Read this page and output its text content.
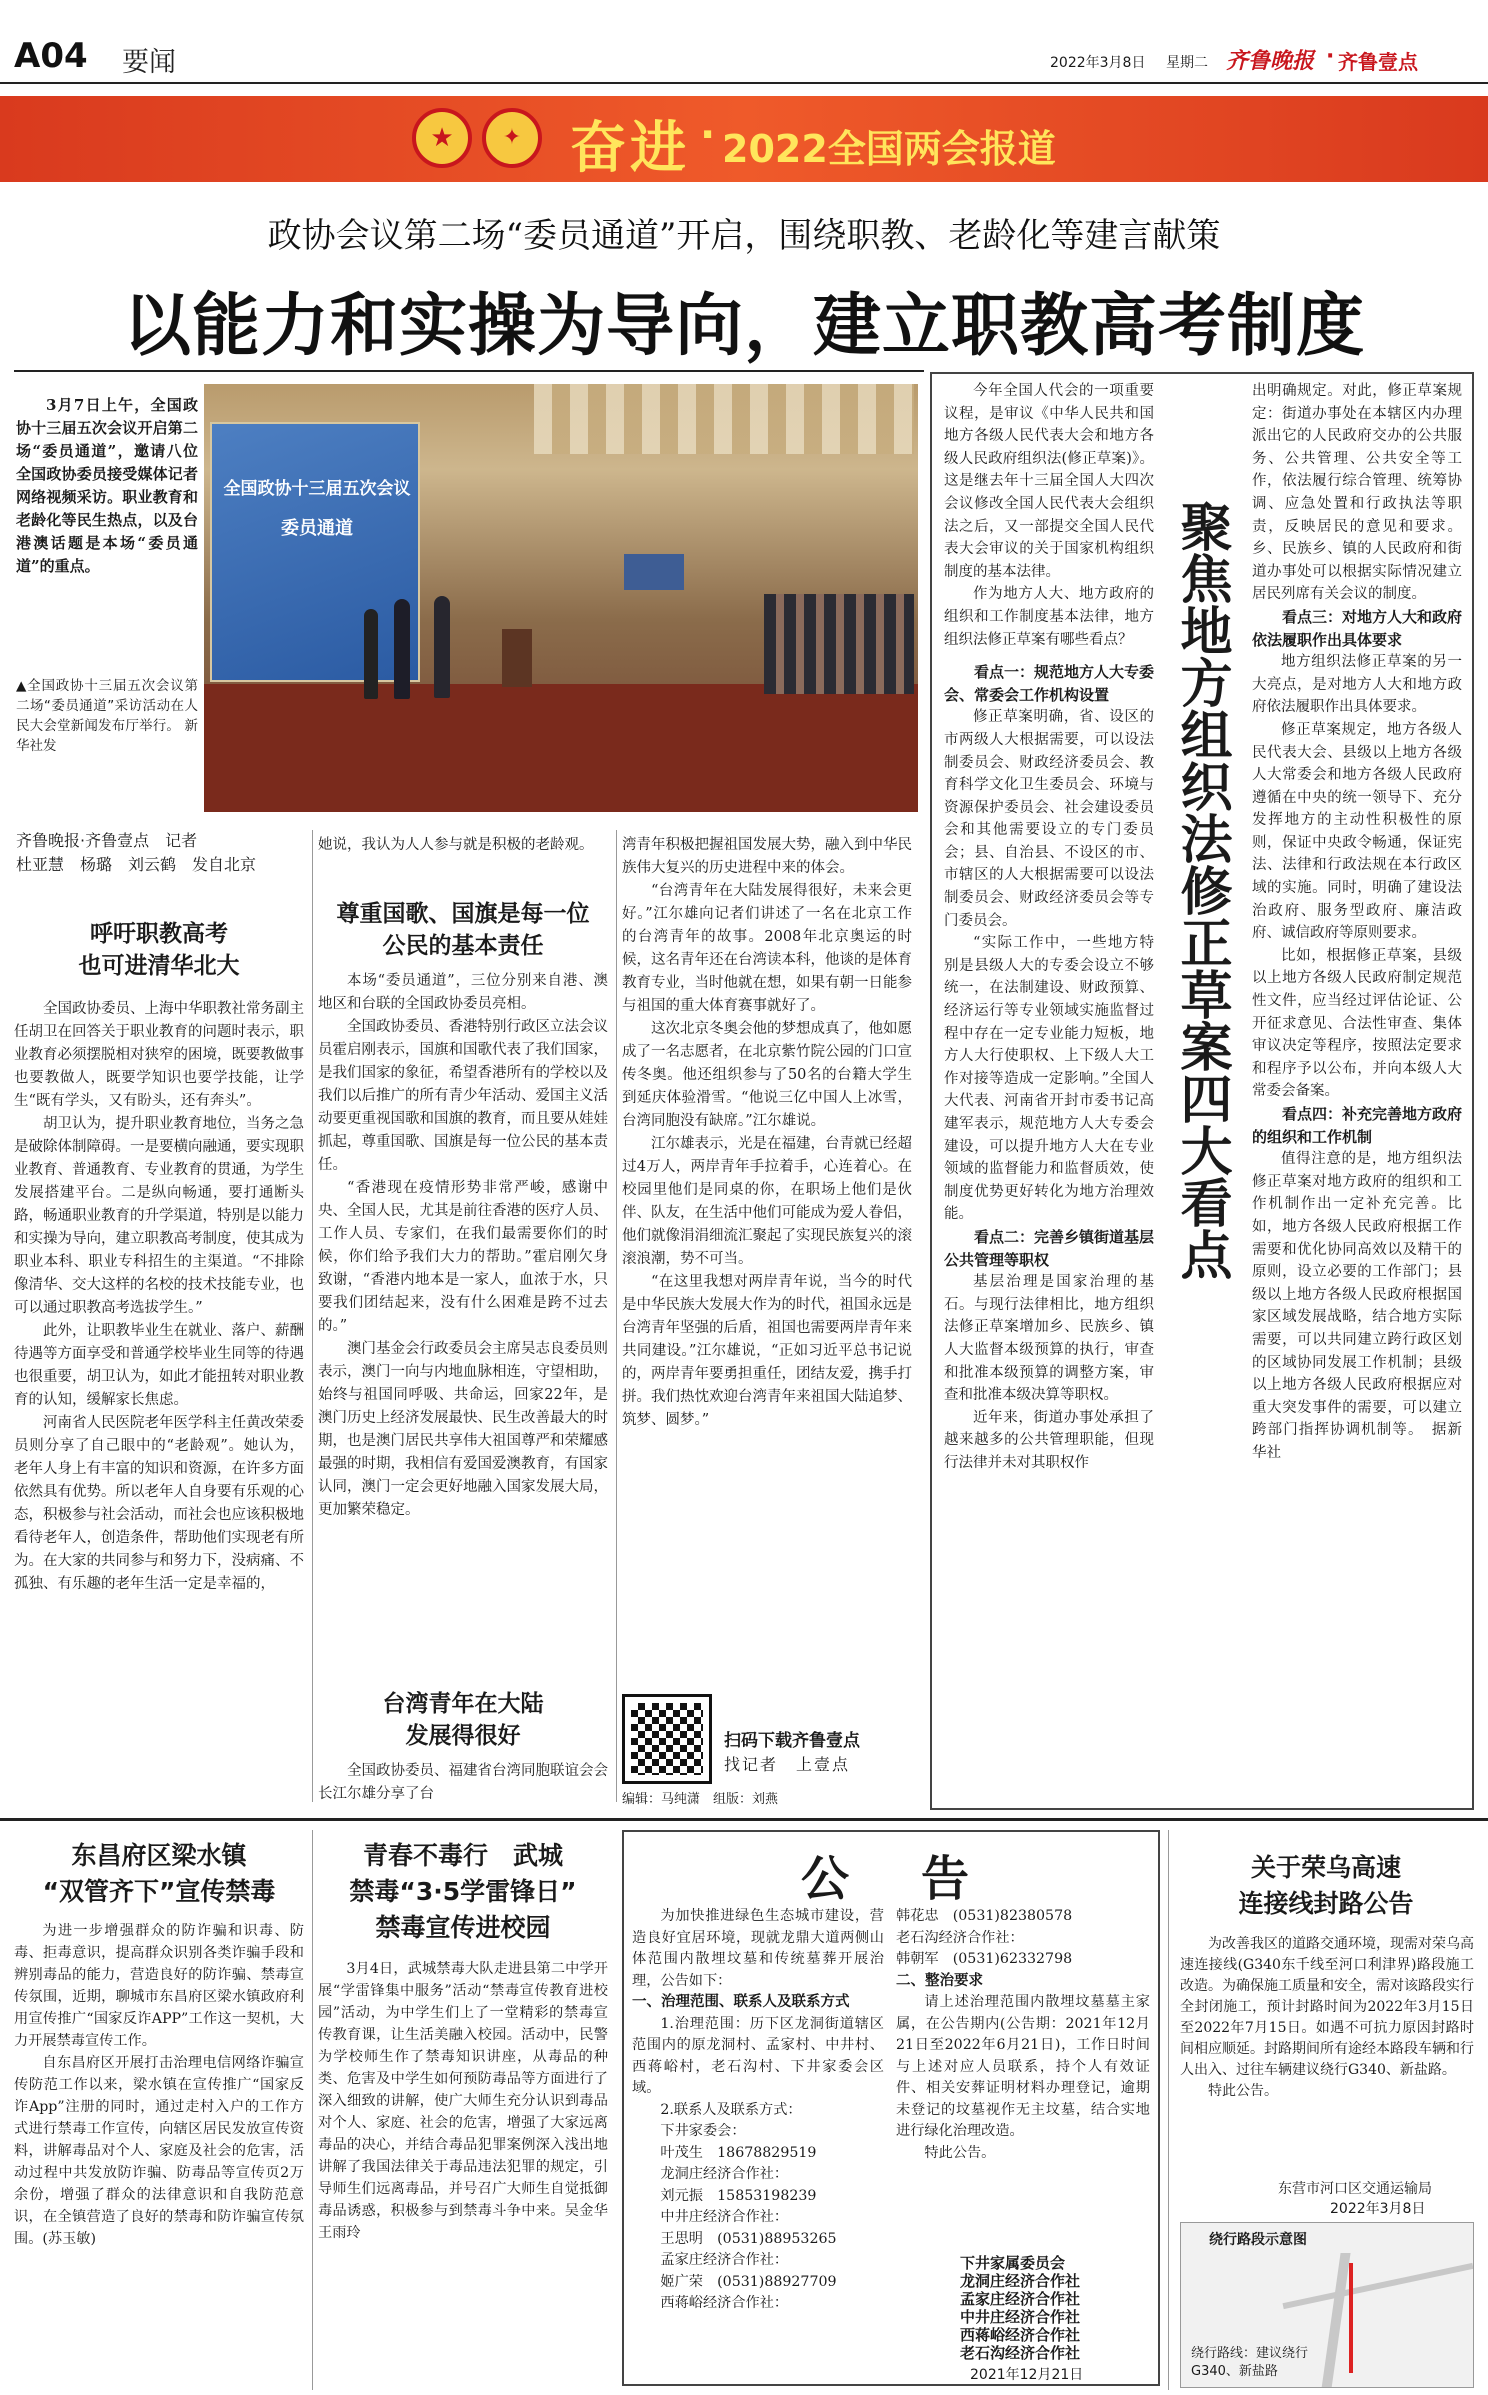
A04 要闻	2022年3月8日 星期二 齐鲁晚报 · 齐鲁壹点
★	✦ 奋进 · 2022全国两会报道
政协会议第二场“委员通道”开启，围绕职教、老龄化等建言献策
以能力和实操为导向，建立职教高考制度
3月7日上午，全国政协十三届五次会议开启第二场“委员通道”，邀请八位全国政协委员接受媒体记者网络视频采访。职业教育和老龄化等民生热点，以及台港澳话题是本场“委员通道”的重点。
全国政协十三届五次会议
委员通道
▲全国政协十三届五次会议第二场“委员通道”采访活动在人民大会堂新闻发布厅举行。 新华社发
齐鲁晚报·齐鲁壹点　记者
杜亚慧　杨璐　刘云鹤　发自北京
呼吁职教高考
也可进清华北大

全国政协委员、上海中华职教社常务副主任胡卫在回答关于职业教育的问题时表示，职业教育必须摆脱相对狭窄的困境，既要教做事也要教做人，既要学知识也要学技能，让学生“既有学头，又有盼头，还有奔头”。

胡卫认为，提升职业教育地位，当务之急是破除体制障碍。一是要横向融通，要实现职业教育、普通教育、专业教育的贯通，为学生发展搭建平台。二是纵向畅通，要打通断头路，畅通职业教育的升学渠道，特别是以能力和实操为导向，建立职教高考制度，使其成为职业本科、职业专科招生的主渠道。“不排除像清华、交大这样的名校的技术技能专业，也可以通过职教高考选拔学生。”

此外，让职教毕业生在就业、落户、薪酬待遇等方面享受和普通学校毕业生同等的待遇也很重要，胡卫认为，如此才能扭转对职业教育的认知，缓解家长焦虑。

河南省人民医院老年医学科主任黄改荣委员则分享了自己眼中的“老龄观”。她认为，老年人身上有丰富的知识和资源，在许多方面依然具有优势。所以老年人自身要有乐观的心态，积极参与社会活动，而社会也应该积极地看待老年人，创造条件，帮助他们实现老有所为。在大家的共同参与和努力下，没病痛、不孤独、有乐趣的老年生活一定是幸福的，

她说，我认为人人参与就是积极的老龄观。

尊重国歌、国旗是每一位
公民的基本责任

本场“委员通道”，三位分别来自港、澳地区和台联的全国政协委员亮相。

全国政协委员、香港特别行政区立法会议员霍启刚表示，国旗和国歌代表了我们国家，是我们国家的象征，希望香港所有的学校以及我们以后推广的所有青少年活动、爱国主义活动要更重视国歌和国旗的教育，而且要从娃娃抓起，尊重国歌、国旗是每一位公民的基本责任。

“香港现在疫情形势非常严峻，感谢中央、全国人民，尤其是前往香港的医疗人员、工作人员、专家们，在我们最需要你们的时候，你们给予我们大力的帮助。”霍启刚欠身致谢，“香港内地本是一家人，血浓于水，只要我们团结起来，没有什么困难是跨不过去的。”

澳门基金会行政委员会主席吴志良委员则表示，澳门一向与内地血脉相连，守望相助，始终与祖国同呼吸、共命运，回家22年，是澳门历史上经济发展最快、民生改善最大的时期，也是澳门居民共享伟大祖国尊严和荣耀感最强的时期，我相信有爱国爱澳教育，有国家认同，澳门一定会更好地融入国家发展大局，更加繁荣稳定。

台湾青年在大陆
发展得很好

全国政协委员、福建省台湾同胞联谊会会长江尔雄分享了台

湾青年积极把握祖国发展大势，融入到中华民族伟大复兴的历史进程中来的体会。

“台湾青年在大陆发展得很好，未来会更好。”江尔雄向记者们讲述了一名在北京工作的台湾青年的故事。2008年北京奥运的时候，这名青年还在台湾读本科，他谈的是体育教育专业，当时他就在想，如果有朝一日能参与祖国的重大体育赛事就好了。

这次北京冬奥会他的梦想成真了，他如愿成了一名志愿者，在北京紫竹院公园的门口宣传冬奥。他还组织参与了50名的台籍大学生到延庆体验滑雪。“他说三亿中国人上冰雪，台湾同胞没有缺席。”江尔雄说。

江尔雄表示，光是在福建，台青就已经超过4万人，两岸青年手拉着手，心连着心。在校园里他们是同桌的你，在职场上他们是伙伴、队友，在生活中他们可能成为爱人眷侣，他们就像涓涓细流汇聚起了实现民族复兴的滚滚浪潮，势不可当。

“在这里我想对两岸青年说，当今的时代是中华民族大发展大作为的时代，祖国永远是台湾青年坚强的后盾，祖国也需要两岸青年来共同建设。”江尔雄说，“正如习近平总书记说的，两岸青年要勇担重任，团结友爱，携手打拼。我们热忱欢迎台湾青年来祖国大陆追梦、筑梦、圆梦。”

扫码下载齐鲁壹点
找记者　上壹点
编辑：马纯潇　组版：刘燕
聚焦地方组织法修正草案四大看点

今年全国人代会的一项重要议程，是审议《中华人民共和国地方各级人民代表大会和地方各级人民政府组织法(修正草案)》。这是继去年十三届全国人大四次会议修改全国人民代表大会组织法之后，又一部提交全国人民代表大会审议的关于国家机构组织制度的基本法律。

作为地方人大、地方政府的组织和工作制度基本法律，地方组织法修正草案有哪些看点？

看点一：规范地方人大专委会、常委会工作机构设置

修正草案明确，省、设区的市两级人大根据需要，可以设法制委员会、财政经济委员会、教育科学文化卫生委员会、环境与资源保护委员会、社会建设委员会和其他需要设立的专门委员会；县、自治县、不设区的市、市辖区的人大根据需要可以设法制委员会、财政经济委员会等专门委员会。

“实际工作中，一些地方特别是县级人大的专委会设立不够统一，在法制建设、财政预算、经济运行等专业领域实施监督过程中存在一定专业能力短板，地方人大行使职权、上下级人大工作对接等造成一定影响。”全国人大代表、河南省开封市委书记高建军表示，规范地方人大专委会建设，可以提升地方人大在专业领域的监督能力和监督质效，使制度优势更好转化为地方治理效能。

看点二：完善乡镇街道基层公共管理等职权

基层治理是国家治理的基石。与现行法律相比，地方组织法修正草案增加乡、民族乡、镇人大监督本级预算的执行，审查和批准本级预算的调整方案，审查和批准本级决算等职权。

近年来，街道办事处承担了越来越多的公共管理职能，但现行法律并未对其职权作

出明确规定。对此，修正草案规定：街道办事处在本辖区内办理派出它的人民政府交办的公共服务、公共管理、公共安全等工作，依法履行综合管理、统筹协调、应急处置和行政执法等职责，反映居民的意见和要求。乡、民族乡、镇的人民政府和街道办事处可以根据实际情况建立居民列席有关会议的制度。

看点三：对地方人大和政府依法履职作出具体要求

地方组织法修正草案的另一大亮点，是对地方人大和地方政府依法履职作出具体要求。

修正草案规定，地方各级人民代表大会、县级以上地方各级人大常委会和地方各级人民政府遵循在中央的统一领导下、充分发挥地方的主动性积极性的原则，保证中央政令畅通，保证宪法、法律和行政法规在本行政区域的实施。同时，明确了建设法治政府、服务型政府、廉洁政府、诚信政府等原则要求。

比如，根据修正草案，县级以上地方各级人民政府制定规范性文件，应当经过评估论证、公开征求意见、合法性审查、集体审议决定等程序，按照法定要求和程序予以公布，并向本级人大常委会备案。

看点四：补充完善地方政府的组织和工作机制

值得注意的是，地方组织法修正草案对地方政府的组织和工作机制作出一定补充完善。比如，地方各级人民政府根据工作需要和优化协同高效以及精干的原则，设立必要的工作部门；县级以上地方各级人民政府根据国家区域发展战略，结合地方实际需要，可以共同建立跨行政区划的区域协同发展工作机制；县级以上地方各级人民政府根据应对重大突发事件的需要，可以建立跨部门指挥协调机制等。　据新华社

东昌府区梁水镇
“双管齐下”宣传禁毒

为进一步增强群众的防诈骗和识毒、防毒、拒毒意识，提高群众识别各类诈骗手段和辨别毒品的能力，营造良好的防诈骗、禁毒宣传氛围，近期，聊城市东昌府区梁水镇政府利用宣传推广“国家反诈APP”工作这一契机，大力开展禁毒宣传工作。

自东昌府区开展打击治理电信网络诈骗宣传防范工作以来，梁水镇在宣传推广“国家反诈App”注册的同时，通过走村入户的工作方式进行禁毒工作宣传，向辖区居民发放宣传资料，讲解毒品对个人、家庭及社会的危害，活动过程中共发放防诈骗、防毒品等宣传页2万余份，增强了群众的法律意识和自我防范意识，在全镇营造了良好的禁毒和防诈骗宣传氛围。(苏玉敏)

青春不毒行　武城
禁毒“3·5学雷锋日”
禁毒宣传进校园

3月4日，武城禁毒大队走进县第二中学开展“学雷锋集中服务”活动“禁毒宣传教育进校园”活动，为中学生们上了一堂精彩的禁毒宣传教育课，让生活美融入校园。活动中，民警为学校师生作了禁毒知识讲座，从毒品的种类、危害及中学生如何预防毒品等方面进行了深入细致的讲解，使广大师生充分认识到毒品对个人、家庭、社会的危害，增强了大家远离毒品的决心，并结合毒品犯罪案例深入浅出地讲解了我国法律关于毒品违法犯罪的规定，引导师生们远离毒品，并号召广大师生自觉抵御毒品诱惑，积极参与到禁毒斗争中来。吴金华　王雨玲

公　告

为加快推进绿色生态城市建设，营造良好宜居环境，现就龙鼎大道两侧山体范围内散埋坟墓和传统墓葬开展治理，公告如下：

一、治理范围、联系人及联系方式

1.治理范围：历下区龙洞街道辖区范围内的原龙洞村、孟家村、中井村、西蒋峪村，老石沟村、下井家委会区域。

2.联系人及联系方式：

下井家委会：
叶茂生　18678829519
龙洞庄经济合作社：
刘元振　15853198239
中井庄经济合作社：
王思明　(0531)88953265
孟家庄经济合作社：
姬广荣　(0531)88927709
西蒋峪经济合作社：

韩花忠　(0531)82380578
老石沟经济合作社：
韩朝军　(0531)62332798

二、整治要求

请上述治理范围内散埋坟墓墓主家属，在公告期内(公告期：2021年12月21日至2022年6月21日)，工作日时间与上述对应人员联系，持个人有效证件、相关安葬证明材料办理登记，逾期未登记的坟墓视作无主坟墓，结合实地进行绿化治理改造。

特此公告。

下井家属委员会
龙洞庄经济合作社
孟家庄经济合作社
中井庄经济合作社
西蒋峪经济合作社
老石沟经济合作社
2021年12月21日
关于荣乌高速
连接线封路公告

为改善我区的道路交通环境，现需对荣乌高速连接线(G340东千线至河口利津界)路段施工改造。为确保施工质量和安全，需对该路段实行全封闭施工，预计封路时间为2022年3月15日至2022年7月15日。如遇不可抗力原因封路时间相应顺延。封路期间所有途经本路段车辆和行人出入、过往车辆建议绕行G340、新盐路。

特此公告。

东营市河口区交通运输局
2022年3月8日
绕行路段示意图
绕行路线：建议绕行G340、新盐路
